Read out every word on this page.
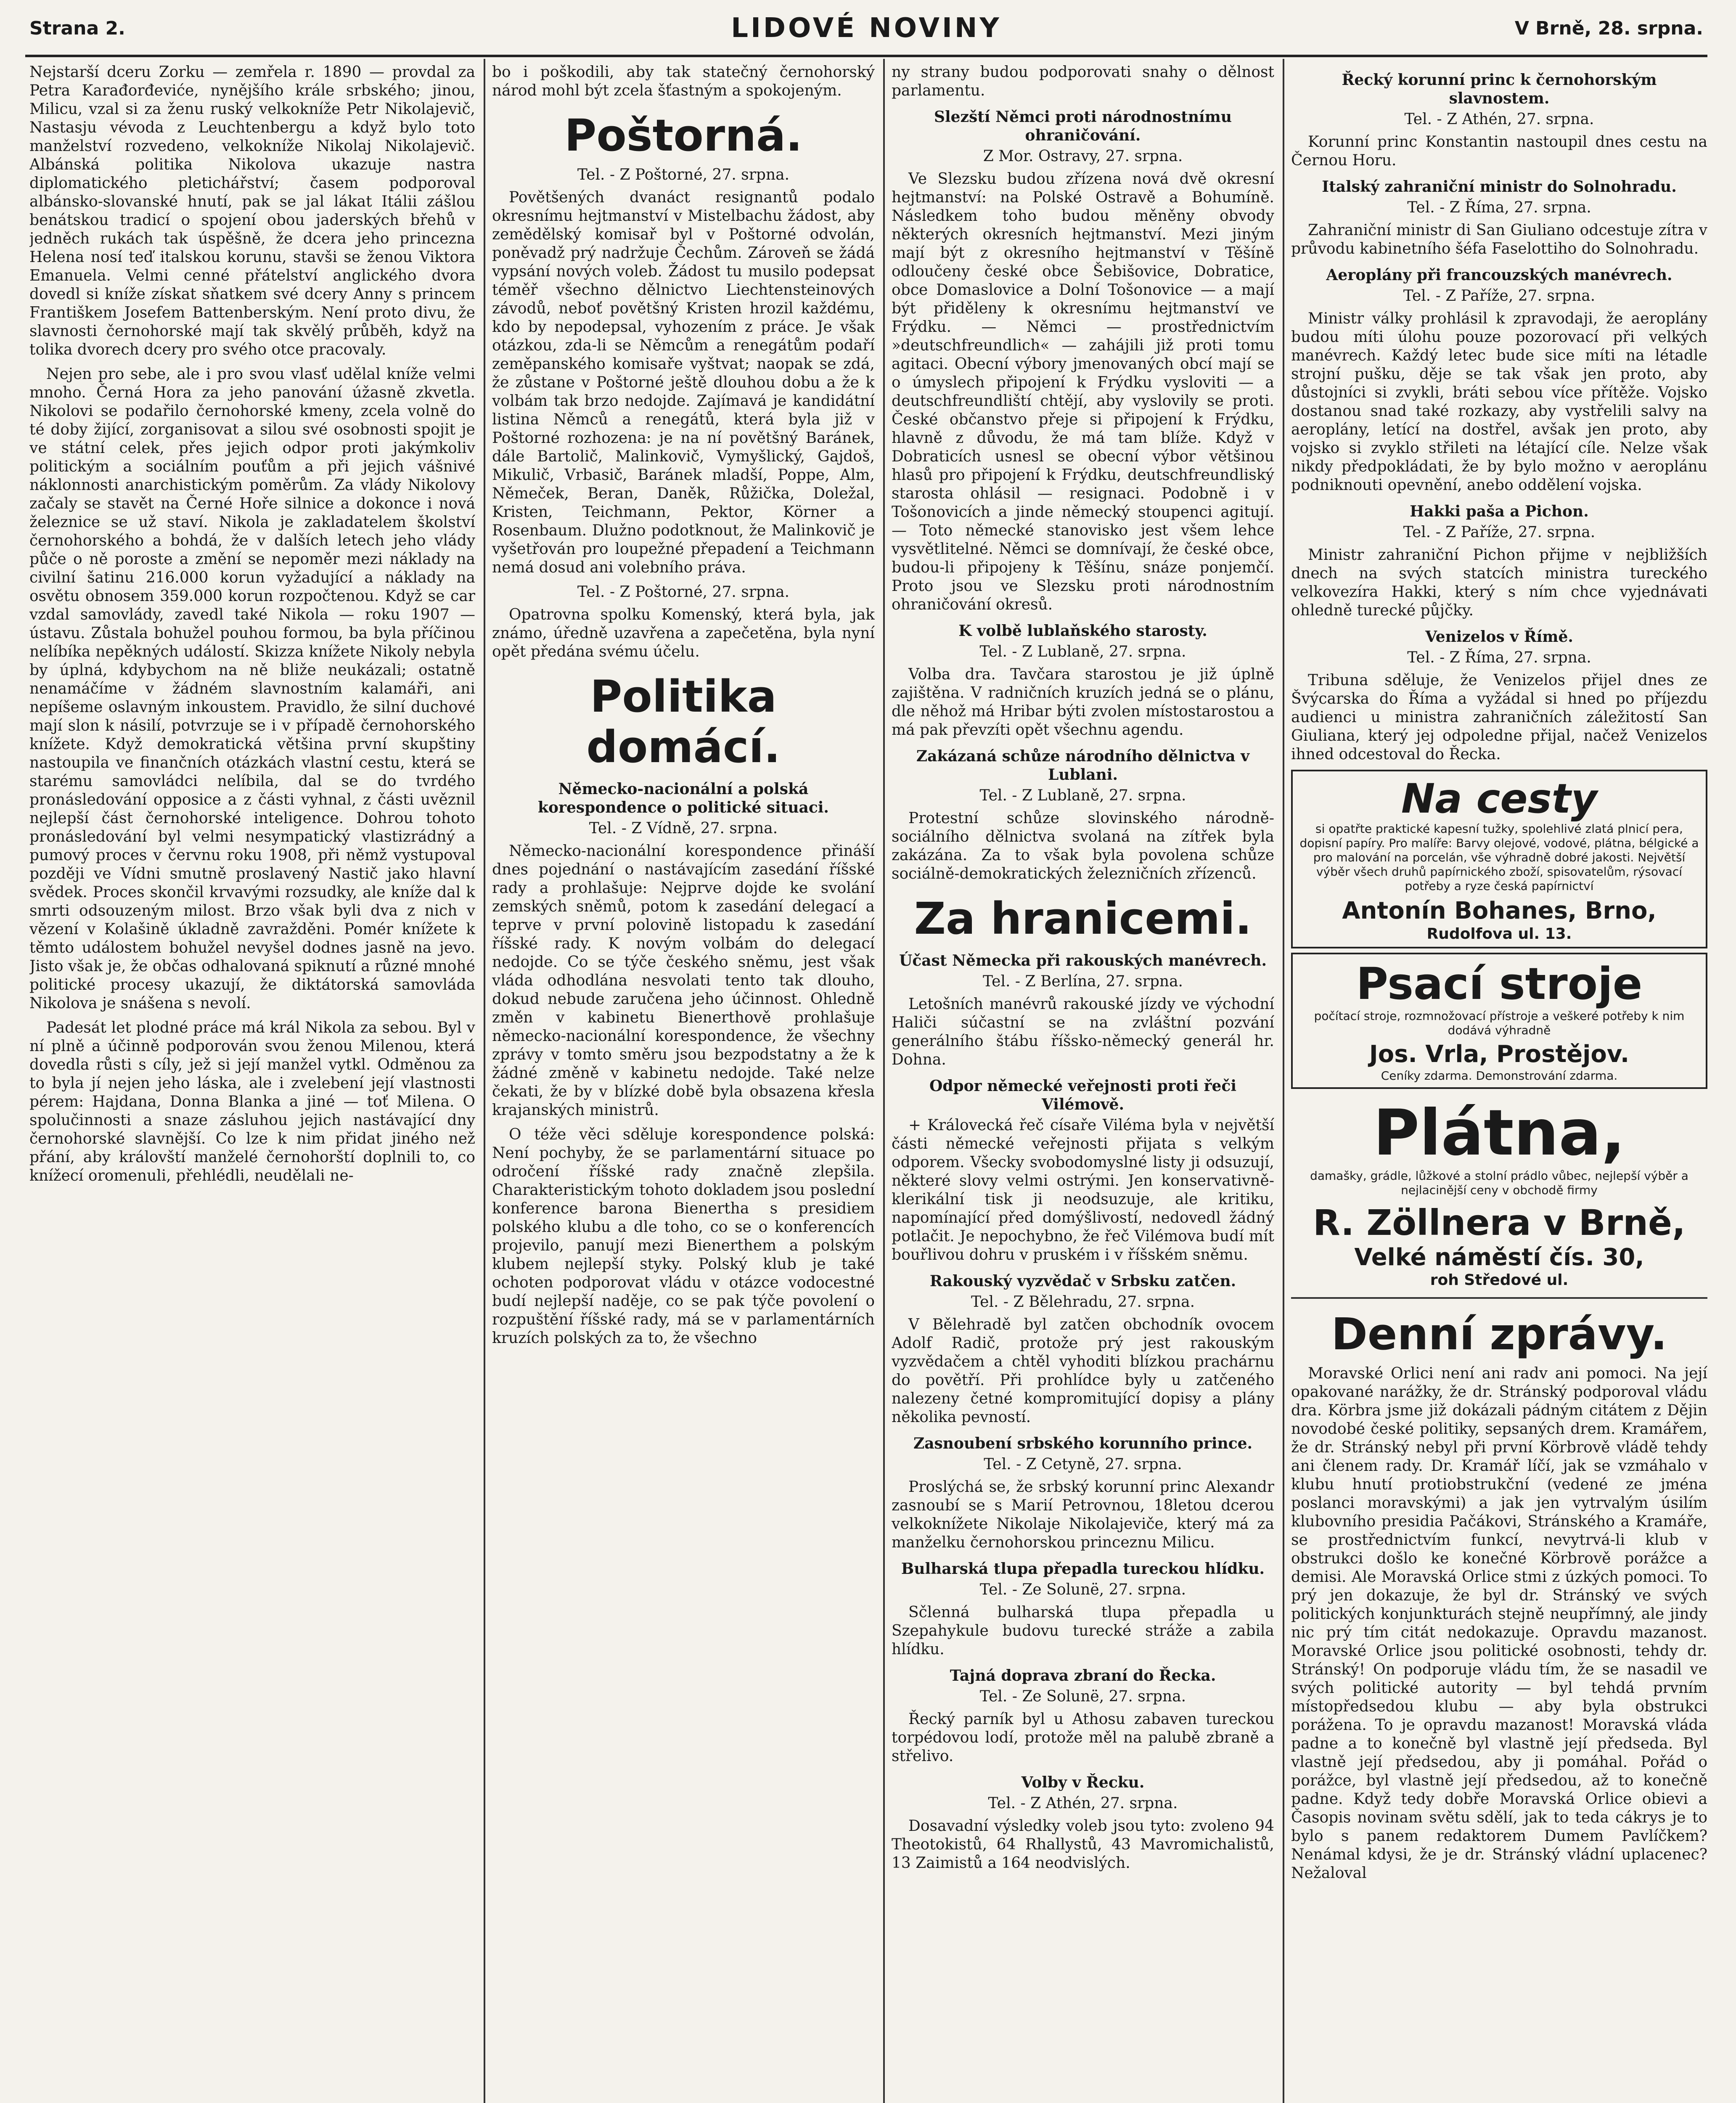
Strana 2.	LIDOVÉ NOVINY	V Brně, 28. srpna.

Nejstarší dceru Zorku — zemřela r. 1890 — provdal za Petra Karađorđeviće, nynějšího krále srbského; jinou, Milicu, vzal si za ženu ruský velkokníže Petr Nikolajevič, Nastasju vévoda z Leuchtenbergu a když bylo toto manželství rozvedeno, velkokníže Nikolaj Nikolajevič. Albánská politika Nikolova ukazuje nastra diplomatického pletichářství; časem podporoval albánsko-slovanské hnutí, pak se jal lákat Itálii zášlou benátskou tradicí o spojení obou jaderských břehů v jedněch rukách tak úspěšně, že dcera jeho princezna Helena nosí teď italskou korunu, stavši se ženou Viktora Emanuela. Velmi cenné přátelství anglického dvora dovedl si kníže získat sňatkem své dcery Anny s princem Františkem Josefem Battenberským. Není proto divu, že slavnosti černohorské mají tak skvělý průběh, když na tolika dvorech dcery pro svého otce pracovaly.

Nejen pro sebe, ale i pro svou vlasť udělal kníže velmi mnoho. Černá Hora za jeho panování úžasně zkvetla. Nikolovi se podařilo černohorské kmeny, zcela volně do té doby žijící, zorganisovat a silou své osobnosti spojit je ve státní celek, přes jejich odpor proti jakýmkoliv politickým a sociálním pouťům a při jejich vášnivé náklonnosti anarchistickým poměrům. Za vlády Nikolovy začaly se stavět na Černé Hoře silnice a dokonce i nová železnice se už staví. Nikola je zakladatelem školství černohorského a bohdá, že v dalších letech jeho vlády půče o ně poroste a změní se nepoměr mezi náklady na civilní šatinu 216.000 korun vyžadující a náklady na osvětu obnosem 359.000 korun rozpočtenou. Když se car vzdal samovlády, zavedl také Nikola — roku 1907 — ústavu. Zůstala bohužel pouhou formou, ba byla příčinou nelíbíka nepěkných událostí. Skizza knížete Nikoly nebyla by úplná, kdybychom na ně bliže neukázali; ostatně nenamáčíme v žádném slavnostním kalamáři, ani nepíšeme oslavným inkoustem. Pravidlo, že silní duchové mají slon k násilí, potvrzuje se i v případě černohorského knížete. Když demokratická většina první skupštiny nastoupila ve finančních otázkách vlastní cestu, která se starému samovládci nelíbila, dal se do tvrdého pronásledování opposice a z části vyhnal, z části uvěznil nejlepší část černohorské inteligence. Dohrou tohoto pronásledování byl velmi nesympatický vlastizrádný a pumový proces v červnu roku 1908, při němž vystupoval později ve Vídni smutně proslavený Nastič jako hlavní svědek. Proces skončil krvavými rozsudky, ale kníže dal k smrti odsouzeným milost. Brzo však byli dva z nich v vězení v Kolašině úkladně zavražděni. Pomér knížete k těmto událostem bohužel nevyšel dodnes jasně na jevo. Jisto však je, že občas odhalovaná spiknutí a různé mnohé politické procesy ukazují, že diktátorská samovláda Nikolova je snášena s nevolí.

Padesát let plodné práce má král Nikola za sebou. Byl v ní plně a účinně podporován svou ženou Milenou, která dovedla růsti s cíly, jež si její manžel vytkl. Odměnou za to byla jí nejen jeho láska, ale i zvelebení její vlastnosti pérem: Hajdana, Donna Blanka a jiné — toť Milena. O spolučinnosti a snaze zásluhou jejich nastávající dny černohorské slavnější. Co lze k nim přidat jiného než přání, aby královští manželé černohorští doplnili to, co knížecí oromenuli, přehlédli, neudělali ne-

bo i poškodili, aby tak statečný černohorský národ mohl být zcela šťastným a spokojeným.

Poštorná.
Tel. - Z Poštorné, 27. srpna.

Povětšených dvanáct resignantů podalo okresnímu hejtmanství v Mistelbachu žádost, aby zemědělský komisař byl v Poštorné odvolán, poněvadž prý nadržuje Čechům. Zároveň se žádá vypsání nových voleb. Žádost tu musilo podepsat téměř všechno dělnictvo Liechtensteinových závodů, neboť povětšný Kristen hrozil každému, kdo by nepodepsal, vyhozením z práce. Je však otázkou, zda-li se Němcům a renegátům podaří zeměpanského komisaře vyštvat; naopak se zdá, že zůstane v Poštorné ještě dlouhou dobu a že k volbám tak brzo nedojde. Zajímavá je kandidátní listina Němců a renegátů, která byla již v Poštorné rozhozena: je na ní povětšný Baránek, dále Bartolič, Malinkovič, Vymyšlický, Gajdoš, Mikulič, Vrbasič, Baránek mladší, Poppe, Alm, Němeček, Beran, Daněk, Růžička, Doležal, Kristen, Teichmann, Pektor, Körner a Rosenbaum. Dlužno podotknout, že Malinkovič je vyšetřován pro loupežné přepadení a Teichmann nemá dosud ani volebního práva.

Tel. - Z Poštorné, 27. srpna.

Opatrovna spolku Komenský, která byla, jak známo, úředně uzavřena a zapečetěna, byla nyní opět předána svému účelu.

Politika domácí.
Německo-nacionální a polská korespondence o politické situaci.
Tel. - Z Vídně, 27. srpna.

Německo-nacionální korespondence přináší dnes pojednání o nastávajícím zasedání říšské rady a prohlašuje: Nejprve dojde ke svolání zemských sněmů, potom k zasedání delegací a teprve v první polovině listopadu k zasedání říšské rady. K novým volbám do delegací nedojde. Co se týče českého sněmu, jest však vláda odhodlána nesvolati tento tak dlouho, dokud nebude zaručena jeho účinnost. Ohledně změn v kabinetu Bienerthově prohlašuje německo-nacionální korespondence, že všechny zprávy v tomto směru jsou bezpodstatny a že k žádné změně v kabinetu nedojde. Také nelze čekati, že by v blízké době byla obsazena křesla krajanských ministrů.

O téže věci sděluje korespondence polská: Není pochyby, že se parlamentární situace po odročení říšské rady značně zlepšila. Charakteristickým tohoto dokladem jsou poslední konference barona Bienertha s presidiem polského klubu a dle toho, co se o konferencích projevilo, panují mezi Bienerthem a polským klubem nejlepší styky. Polský klub je také ochoten podporovat vládu v otázce vodocestné budí nejlepší naděje, co se pak týče povolení o rozpuštění říšské rady, má se v parlamentárních kruzích polských za to, že všechno

ny strany budou podporovati snahy o dělnost parlamentu.

Slezští Němci proti národnostnímu ohraničování.
Z Mor. Ostravy, 27. srpna.

Ve Slezsku budou zřízena nová dvě okresní hejtmanství: na Polské Ostravě a Bohumíně. Následkem toho budou měněny obvody některých okresních hejtmanství. Mezi jiným mají být z okresního hejtmanství v Těšíně odloučeny české obce Šebišovice, Dobratice, obce Domaslovice a Dolní Tošonovice — a mají být přiděleny k okresnímu hejtmanství ve Frýdku. — Němci — prostřednictvím »deutschfreundlich« — zahájili již proti tomu agitaci. Obecní výbory jmenovaných obcí mají se o úmyslech připojení k Frýdku vysloviti — a deutschfreundliští chtějí, aby vyslovily se proti. České občanstvo přeje si připojení k Frýdku, hlavně z důvodu, že má tam blíže. Když v Dobraticích usnesl se obecní výbor většinou hlasů pro připojení k Frýdku, deutschfreundliský starosta ohlásil — resignaci. Podobně i v Tošonovicích a jinde německý stoupenci agitují. — Toto německé stanovisko jest všem lehce vysvětlitelné. Němci se domnívají, že české obce, budou-li připojeny k Těšínu, snáze ponjemčí. Proto jsou ve Slezsku proti národnostním ohraničování okresů.

K volbě lublaňského starosty.
Tel. - Z Lublaně, 27. srpna.

Volba dra. Tavčara starostou je již úplně zajištěna. V radničních kruzích jedná se o plánu, dle něhož má Hribar býti zvolen místostarostou a má pak převzíti opět všechnu agendu.

Zakázaná schůze národního dělnictva v Lublani.
Tel. - Z Lublaně, 27. srpna.

Protestní schůze slovinského národně-sociálního dělnictva svolaná na zítřek byla zakázána. Za to však byla povolena schůze sociálně-demokratických železničních zřízenců.

Za hranicemi.
Účast Německa při rakouských manévrech.
Tel. - Z Berlína, 27. srpna.

Letošních manévrů rakouské jízdy ve východní Haliči súčastní se na zvláštní pozvání generálního štábu říšsko-německý generál hr. Dohna.

Odpor německé veřejnosti proti řeči Vilémově.

+ Královecká řeč císaře Viléma byla v největší části německé veřejnosti přijata s velkým odporem. Všecky svobodomyslné listy ji odsuzují, některé slovy velmi ostrými. Jen konservativně-klerikální tisk ji neodsuzuje, ale kritiku, napomínající před domýšlivostí, nedovedl žádný potlačit. Je nepochybno, že řeč Vilémova budí mít bouřlivou dohru v pruském i v říšském sněmu.

Rakouský vyzvědač v Srbsku zatčen.
Tel. - Z Bělehradu, 27. srpna.

V Bělehradě byl zatčen obchodník ovocem Adolf Radič, protože prý jest rakouským vyzvědačem a chtěl vyhoditi blízkou prachárnu do povětří. Při prohlídce byly u zatčeného nalezeny četné kompromitující dopisy a plány několika pevností.

Zasnoubení srbského korunního prince.
Tel. - Z Cetyně, 27. srpna.

Proslýchá se, že srbský korunní princ Alexandr zasnoubí se s Marií Petrovnou, 18letou dcerou velkoknížete Nikolaje Nikolajeviče, který má za manželku černohorskou princeznu Milicu.

Bulharská tlupa přepadla tureckou hlídku.
Tel. - Ze Solunë, 27. srpna.

Sčlenná bulharská tlupa přepadla u Szepahykule budovu turecké stráže a zabila hlídku.

Tajná doprava zbraní do Řecka.
Tel. - Ze Solunë, 27. srpna.

Řecký parník byl u Athosu zabaven tureckou torpédovou lodí, protože měl na palubě zbraně a střelivo.

Volby v Řecku.
Tel. - Z Athén, 27. srpna.

Dosavadní výsledky voleb jsou tyto: zvoleno 94 Theotokistů, 64 Rhallystů, 43 Mavromichalistů, 13 Zaimistů a 164 neodvislých.

Řecký korunní princ k černohorským slavnostem.
Tel. - Z Athén, 27. srpna.

Korunní princ Konstantin nastoupil dnes cestu na Černou Horu.

Italský zahraniční ministr do Solnohradu.
Tel. - Z Říma, 27. srpna.

Zahraniční ministr di San Giuliano odcestuje zítra v průvodu kabinetního šéfa Faselottiho do Solnohradu.

Aeroplány při francouzských manévrech.
Tel. - Z Paříže, 27. srpna.

Ministr války prohlásil k zpravodaji, že aeroplány budou míti úlohu pouze pozorovací při velkých manévrech. Každý letec bude sice míti na létadle strojní pušku, děje se tak však jen proto, aby důstojníci si zvykli, bráti sebou více přítěže. Vojsko dostanou snad také rozkazy, aby vystřelili salvy na aeroplány, letící na dostřel, avšak jen proto, aby vojsko si zvyklo střileti na létající cíle. Nelze však nikdy předpokládati, že by bylo možno v aeroplánu podniknouti opevnění, anebo oddělení vojska.

Hakki paša a Pichon.
Tel. - Z Paříže, 27. srpna.

Ministr zahraniční Pichon přijme v nejbližších dnech na svých statcích ministra tureckého velkovezíra Hakki, který s ním chce vyjednávati ohledně turecké půjčky.

Venizelos v Římě.
Tel. - Z Říma, 27. srpna.

Tribuna sděluje, že Venizelos přijel dnes ze Švýcarska do Říma a vyžádal si hned po příjezdu audienci u ministra zahraničních záležitostí San Giuliana, který jej odpoledne přijal, načež Venizelos ihned odcestoval do Řecka.

Na cesty
si opatřte praktické kapesní tužky, spolehlivé zlatá plnicí pera, dopisní papíry. Pro malíře: Barvy olejové, vodové, plátna, bélgické a pro malování na porcelán, vše výhradně dobré jakosti. Největší výběr všech druhů papírnického zboží, spisovatelům, rýsovací potřeby a ryze česká papírnictví
Antonín Bohanes, Brno,
Rudolfova ul. 13.
Psací stroje
počítací stroje, rozmnožovací přístroje a veškeré potřeby k nim dodává výhradně
Jos. Vrla, Prostějov.
Ceníky zdarma. Demonstrování zdarma.
Plátna,
damašky, grádle, lůžkové a stolní prádlo vůbec, nejlepší výběr a nejlacinější ceny v obchodě firmy
R. Zöllnera v Brně,
Velké náměstí čís. 30,
roh Středové ul.
Denní zprávy.

Moravské Orlici není ani radv ani pomoci. Na její opakované narážky, že dr. Stránský podporoval vládu dra. Körbra jsme již dokázali pádným citátem z Dějin novodobé české politiky, sepsaných drem. Kramářem, že dr. Stránský nebyl při první Körbrově vládě tehdy ani členem rady. Dr. Kramář líčí, jak se vzmáhalo v klubu hnutí protiobstrukční (vedené ze jména poslanci moravskými) a jak jen vytrvalým úsilím klubovního presidia Pačákovi, Stránského a Kramáře, se prostřednictvím funkcí, nevytrvá-li klub v obstrukci došlo ke konečné Körbrově porážce a demisi. Ale Moravská Orlice stmi z úzkých pomoci. To prý jen dokazuje, že byl dr. Stránský ve svých politických konjunkturách stejně neupřímný, ale jindy nic prý tím citát nedokazuje. Opravdu mazanost. Moravské Orlice jsou politické osobnosti, tehdy dr. Stránský! On podporuje vládu tím, že se nasadil ve svých politické autority — byl tehdá prvním místopředsedou klubu — aby byla obstrukci porážena. To je opravdu mazanost! Moravská vláda padne a to konečně byl vlastně její předseda. Byl vlastně její předsedou, aby ji pomáhal. Pořád o porážce, byl vlastně její předsedou, až to konečně padne. Když tedy dobře Moravská Orlice obievi a Časopis novinam světu sdělí, jak to teda cákrys je to bylo s panem redaktorem Dumem Pavlíčkem? Nenámal kdysi, že je dr. Stránský vládní uplacenec? Nežaloval
